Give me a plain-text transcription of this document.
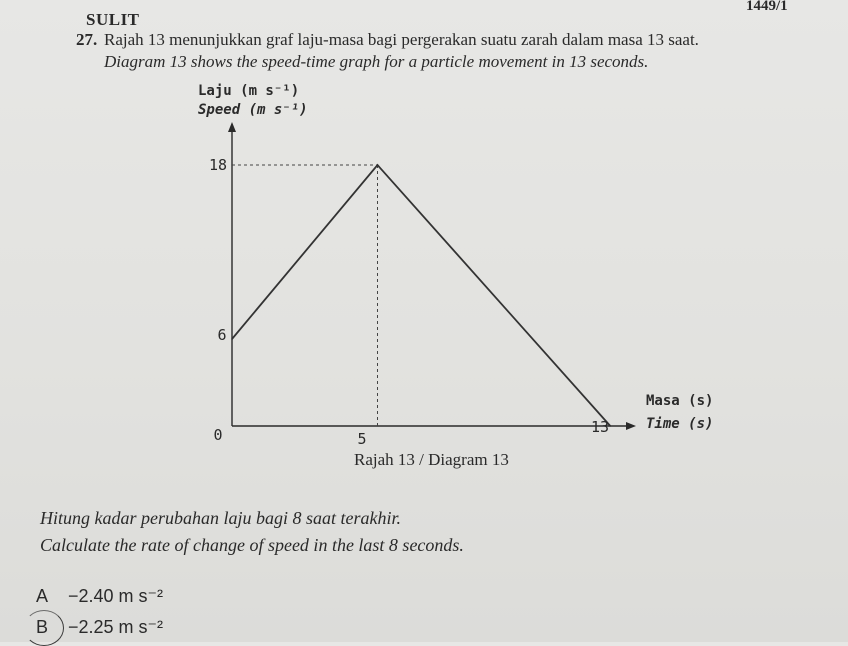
SULIT
1449/1
27. Rajah 13 menunjukkan graf laju-masa bagi pergerakan suatu zarah dalam masa 13 saat.
Diagram 13 shows the speed-time graph for a particle movement in 13 seconds.
Laju (m s⁻¹)
Speed (m s⁻¹)
18
6
0	5
13
Masa (s)
Time (s)
Rajah 13 / Diagram 13
Hitung kadar perubahan laju bagi 8 saat terakhir.
Calculate the rate of change of speed in the last 8 seconds.
A −2.40 m s⁻²
B −2.25 m s⁻²
